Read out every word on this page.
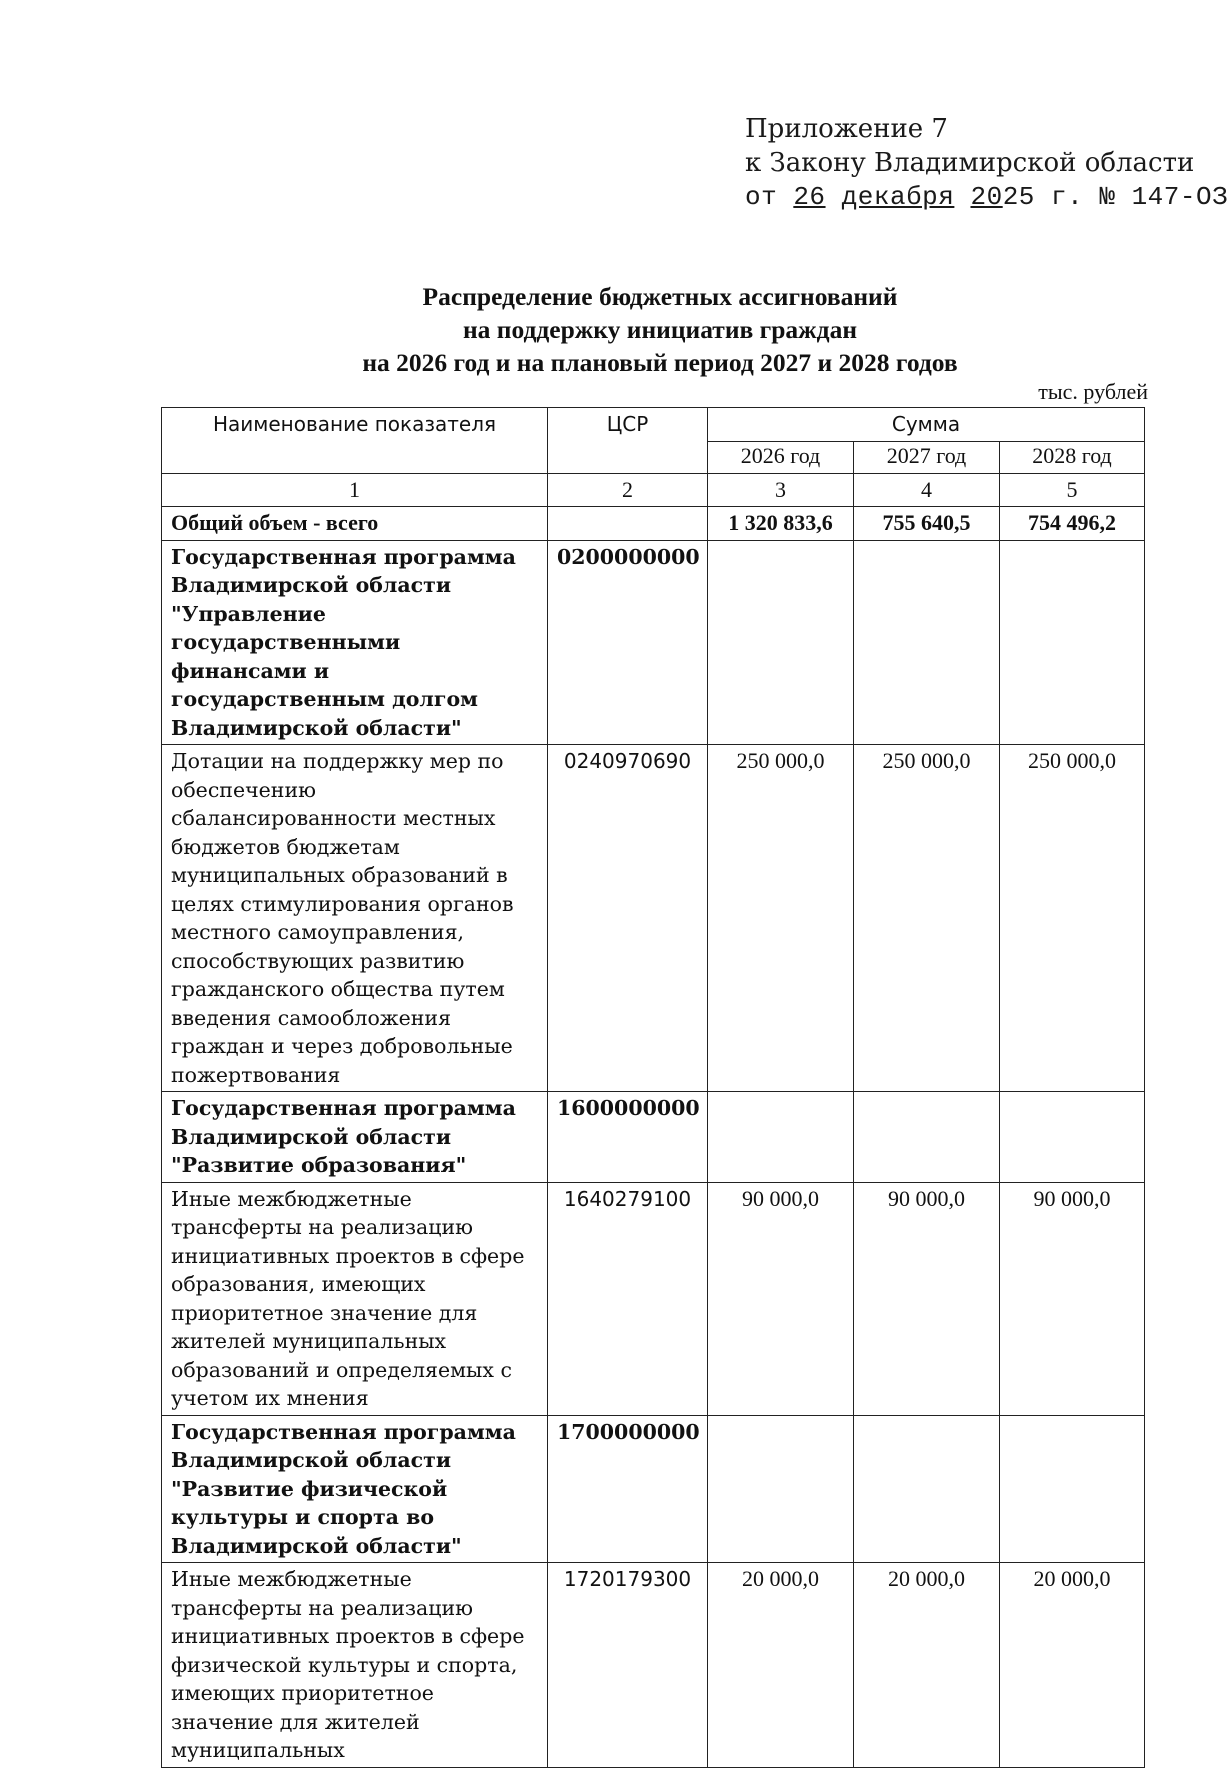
Приложение 7
к Закону Владимирской области
от 26 декабря 2025 г. № 147-ОЗ
Распределение бюджетных ассигнований
на поддержку инициатив граждан
на 2026 год и на плановый период 2027 и 2028 годов
тыс. рублей
Наименование показателя	ЦСР	Сумма		
		2026 год	2027 год	2028 год
1	2	3	4	5
Общий объем - всего		1 320 833,6	755 640,5	754 496,2
Государственная программа Владимирской области "Управление государственными финансами и государственным долгом Владимирской области"	0200000000			
Дотации на поддержку мер по обеспечению сбалансированности местных бюджетов бюджетам муниципальных образований в целях стимулирования органов местного самоуправления, способствующих развитию гражданского общества путем введения самообложения граждан и через добровольные пожертвования	0240970690	250 000,0	250 000,0	250 000,0
Государственная программа Владимирской области "Развитие образования"	1600000000			
Иные межбюджетные трансферты на реализацию инициативных проектов в сфере образования, имеющих приоритетное значение для жителей муниципальных образований и определяемых с учетом их мнения	1640279100	90 000,0	90 000,0	90 000,0
Государственная программа Владимирской области "Развитие физической культуры и спорта во Владимирской области"	1700000000			
Иные межбюджетные трансферты на реализацию инициативных проектов в сфере физической культуры и спорта, имеющих приоритетное значение для жителей муниципальных	1720179300	20 000,0	20 000,0	20 000,0
